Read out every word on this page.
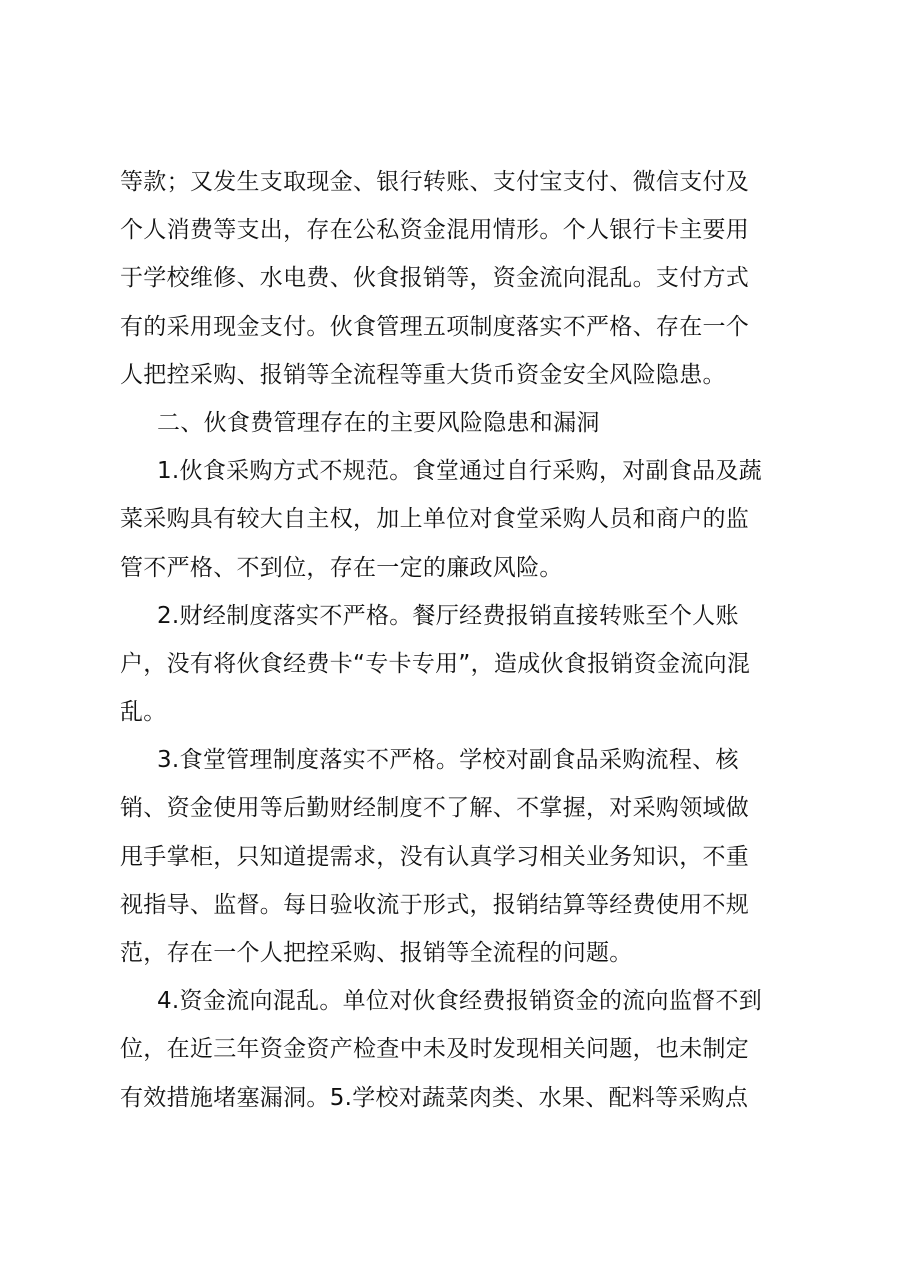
等款；又发生支取现金、银行转账、支付宝支付、微信支付及
个人消费等支出，存在公私资金混用情形。个人银行卡主要用
于学校维修、水电费、伙食报销等，资金流向混乱。支付方式
有的采用现金支付。伙食管理五项制度落实不严格、存在一个
人把控采购、报销等全流程等重大货币资金安全风险隐患。
二、伙食费管理存在的主要风险隐患和漏洞
1.伙食采购方式不规范。食堂通过自行采购，对副食品及蔬
菜采购具有较大自主权，加上单位对食堂采购人员和商户的监
管不严格、不到位，存在一定的廉政风险。
2.财经制度落实不严格。餐厅经费报销直接转账至个人账
户，没有将伙食经费卡“专卡专用”，造成伙食报销资金流向混
乱。
3.食堂管理制度落实不严格。学校对副食品采购流程、核
销、资金使用等后勤财经制度不了解、不掌握，对采购领域做
甩手掌柜，只知道提需求，没有认真学习相关业务知识，不重
视指导、监督。每日验收流于形式，报销结算等经费使用不规
范，存在一个人把控采购、报销等全流程的问题。
4.资金流向混乱。单位对伙食经费报销资金的流向监督不到
位，在近三年资金资产检查中未及时发现相关问题，也未制定
有效措施堵塞漏洞。5.学校对蔬菜肉类、水果、配料等采购点
